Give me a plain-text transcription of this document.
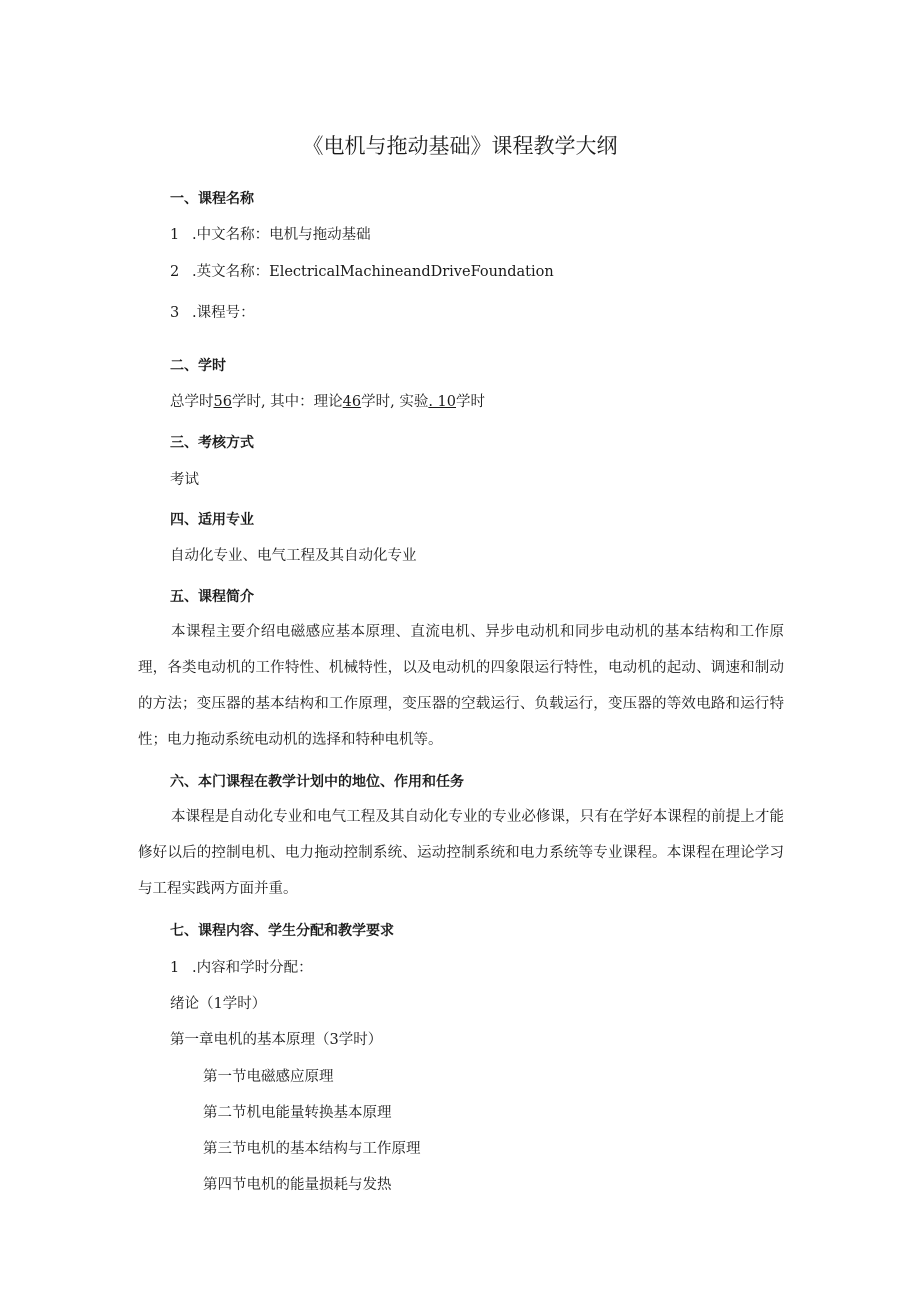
《电机与拖动基础》课程教学大纲
一、课程名称
1 .中文名称：电机与拖动基础
2 .英文名称：ElectricalMachineandDriveFoundation
3 .课程号：
二、学时
总学时56学时, 其中：理论46学时, 实验. 10学时
三、考核方式
考试
四、适用专业
自动化专业、电气工程及其自动化专业
五、课程简介
本课程主要介绍电磁感应基本原理、直流电机、异步电动机和同步电动机的基本结构和工作原理，各类电动机的工作特性、机械特性，以及电动机的四象限运行特性，电动机的起动、调速和制动的方法；变压器的基本结构和工作原理，变压器的空载运行、负载运行，变压器的等效电路和运行特性；电力拖动系统电动机的选择和特种电机等。
六、本门课程在教学计划中的地位、作用和任务
本课程是自动化专业和电气工程及其自动化专业的专业必修课，只有在学好本课程的前提上才能修好以后的控制电机、电力拖动控制系统、运动控制系统和电力系统等专业课程。本课程在理论学习与工程实践两方面并重。
七、课程内容、学生分配和教学要求
1 .内容和学时分配：
绪论（1学时）
第一章电机的基本原理（3学时）
第一节电磁感应原理
第二节机电能量转换基本原理
第三节电机的基本结构与工作原理
第四节电机的能量损耗与发热
